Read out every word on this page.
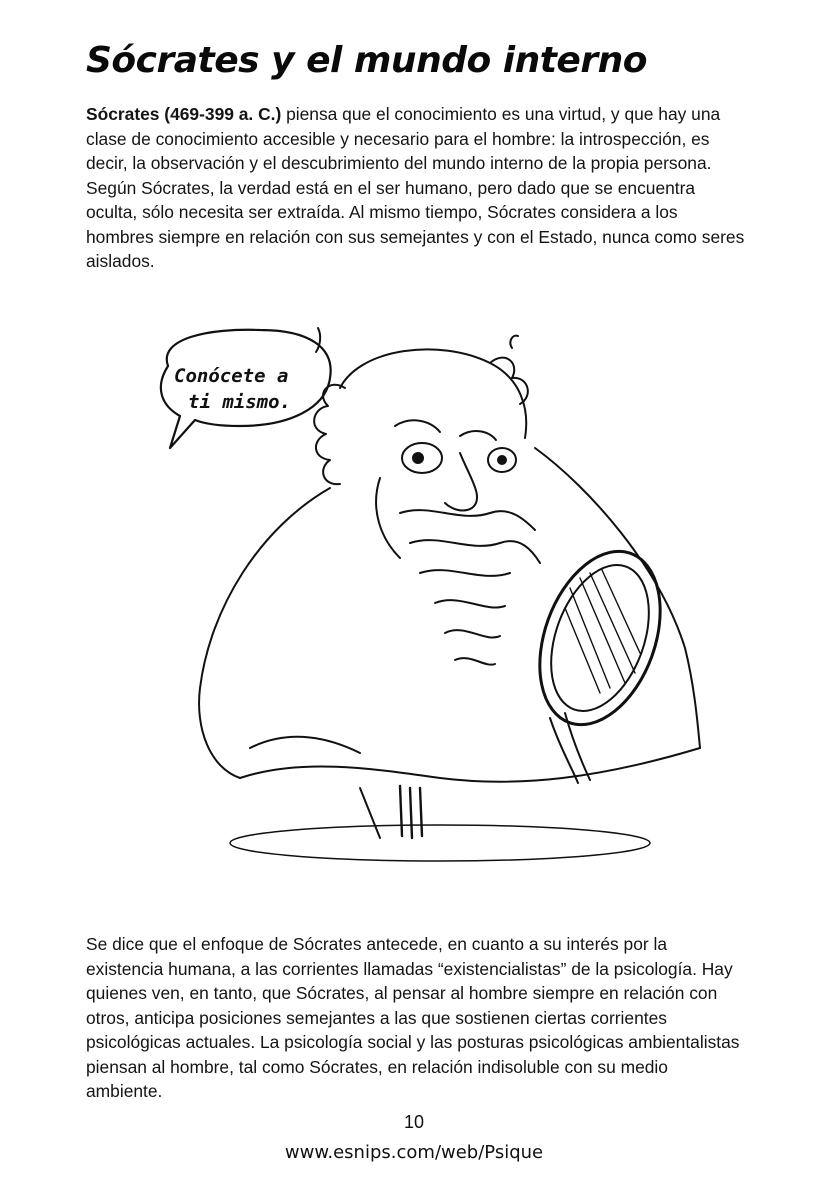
Sócrates y el mundo interno

Sócrates (469-399 a. C.) piensa que el conocimiento es una virtud, y que hay una clase de conocimiento accesible y necesario para el hombre: la introspección, es decir, la observación y el descubrimiento del mundo interno de la propia persona. Según Sócrates, la verdad está en el ser humano, pero dado que se encuentra oculta, sólo necesita ser extraída. Al mismo tiempo, Sócrates considera a los hombres siempre en relación con sus semejantes y con el Estado, nunca como seres aislados.

Conócete a
ti mismo.

Se dice que el enfoque de Sócrates antecede, en cuanto a su interés por la existencia humana, a las corrientes llamadas “existencialistas” de la psicología. Hay quienes ven, en tanto, que Sócrates, al pensar al hombre siempre en relación con otros, anticipa posiciones semejantes a las que sostienen ciertas corrientes psicológicas actuales. La psicología social y las posturas psicológicas ambientalistas piensan al hombre, tal como Sócrates, en relación indisoluble con su medio ambiente.

10
www.esnips.com/web/Psique
